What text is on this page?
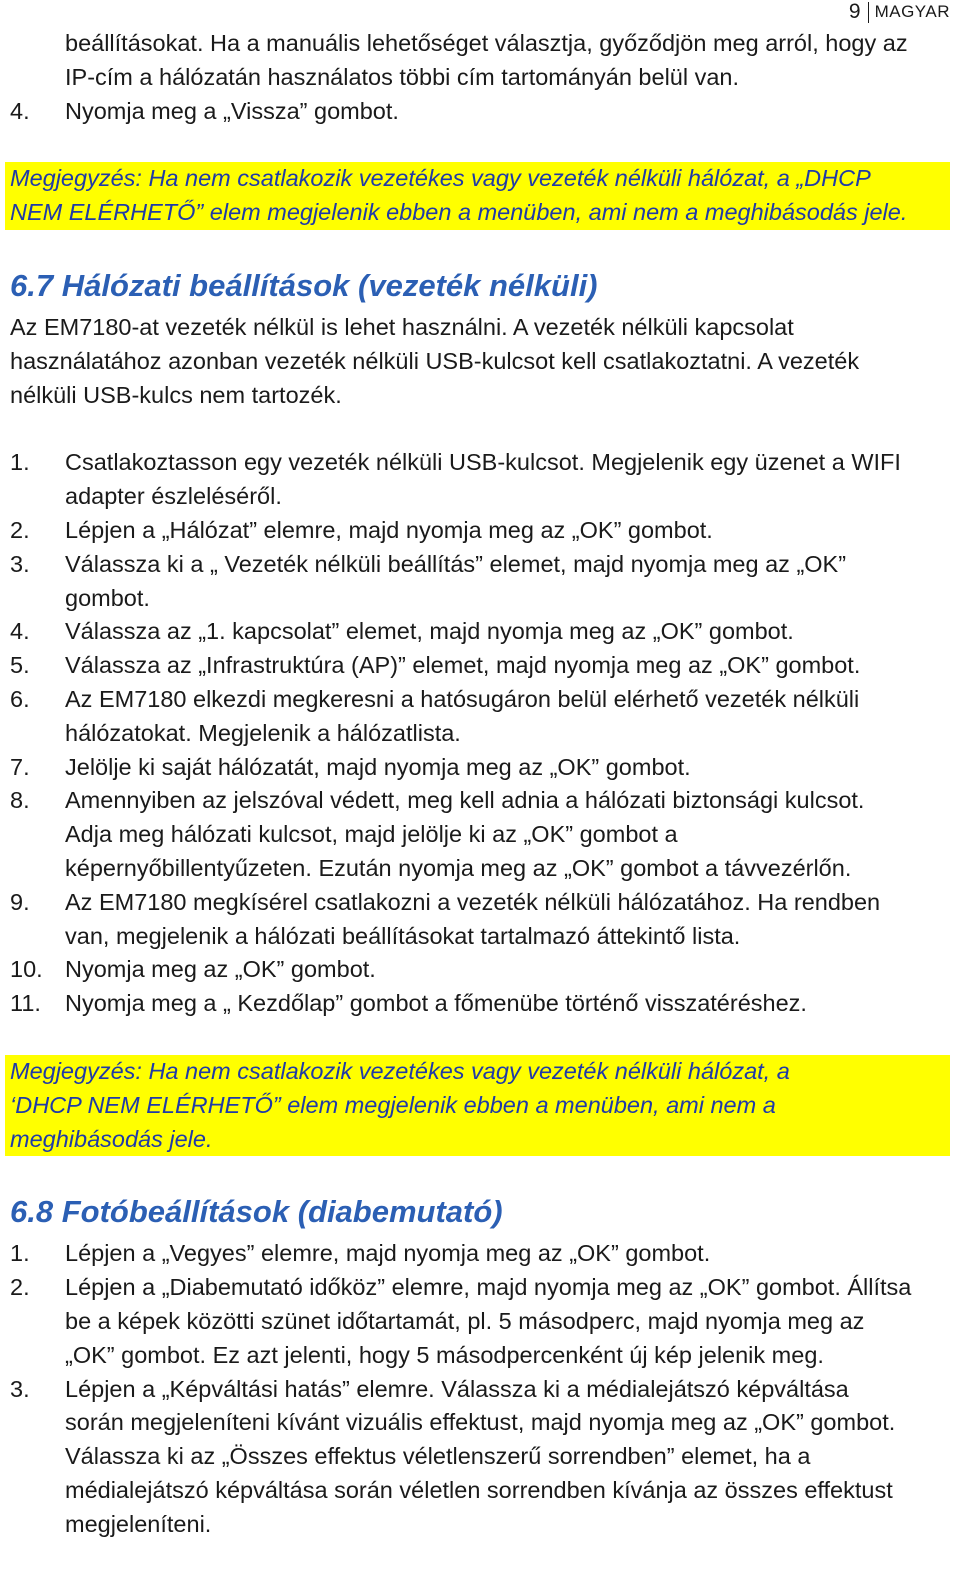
9 MAGYAR
beállításokat. Ha a manuális lehetőséget választja, győződjön meg arról, hogy az
IP-cím a hálózatán használatos többi cím tartományán belül van.
4.	Nyomja meg a „Vissza” gombot.
Megjegyzés: Ha nem csatlakozik vezetékes vagy vezeték nélküli hálózat, a „DHCP
NEM ELÉRHETŐ” elem megjelenik ebben a menüben, ami nem a meghibásodás jele.
6.7 Hálózati beállítások (vezeték nélküli)
Az EM7180-at vezeték nélkül is lehet használni. A vezeték nélküli kapcsolat
használatához azonban vezeték nélküli USB-kulcsot kell csatlakoztatni. A vezeték
nélküli USB-kulcs nem tartozék.
1.	Csatlakoztasson egy vezeték nélküli USB-kulcsot. Megjelenik egy üzenet a WIFI
adapter észleléséről.
2.	Lépjen a „Hálózat” elemre, majd nyomja meg az „OK” gombot.
3.	Válassza ki a „ Vezeték nélküli beállítás” elemet, majd nyomja meg az „OK”
gombot.
4.	Válassza az „1. kapcsolat” elemet, majd nyomja meg az „OK” gombot.
5.	Válassza az „Infrastruktúra (AP)” elemet, majd nyomja meg az „OK” gombot.
6.	Az EM7180 elkezdi megkeresni a hatósugáron belül elérhető vezeték nélküli
hálózatokat. Megjelenik a hálózatlista.
7.	Jelölje ki saját hálózatát, majd nyomja meg az „OK” gombot.
8.	Amennyiben az jelszóval védett, meg kell adnia a hálózati biztonsági kulcsot.
Adja meg hálózati kulcsot, majd jelölje ki az „OK” gombot a
képernyőbillentyűzeten. Ezután nyomja meg az „OK” gombot a távvezérlőn.
9.	Az EM7180 megkísérel csatlakozni a vezeték nélküli hálózatához. Ha rendben
van, megjelenik a hálózati beállításokat tartalmazó áttekintő lista.
10. Nyomja meg az „OK” gombot.
11.	Nyomja meg a „ Kezdőlap” gombot a főmenübe történő visszatéréshez.
Megjegyzés: Ha nem csatlakozik vezetékes vagy vezeték nélküli hálózat, a
‘DHCP NEM ELÉRHETŐ” elem megjelenik ebben a menüben, ami nem a
meghibásodás jele.
6.8 Fotóbeállítások (diabemutató)
1.	Lépjen a „Vegyes” elemre, majd nyomja meg az „OK” gombot.
2.	Lépjen a „Diabemutató időköz” elemre, majd nyomja meg az „OK” gombot. Állítsa
be a képek közötti szünet időtartamát, pl. 5 másodperc, majd nyomja meg az
„OK” gombot. Ez azt jelenti, hogy 5 másodpercenként új kép jelenik meg.
3.	Lépjen a „Képváltási hatás” elemre. Válassza ki a médialejátszó képváltása
során megjeleníteni kívánt vizuális effektust, majd nyomja meg az „OK” gombot.
Válassza ki az „Összes effektus véletlenszerű sorrendben” elemet, ha a
médialejátszó képváltása során véletlen sorrendben kívánja az összes effektust
megjeleníteni.
